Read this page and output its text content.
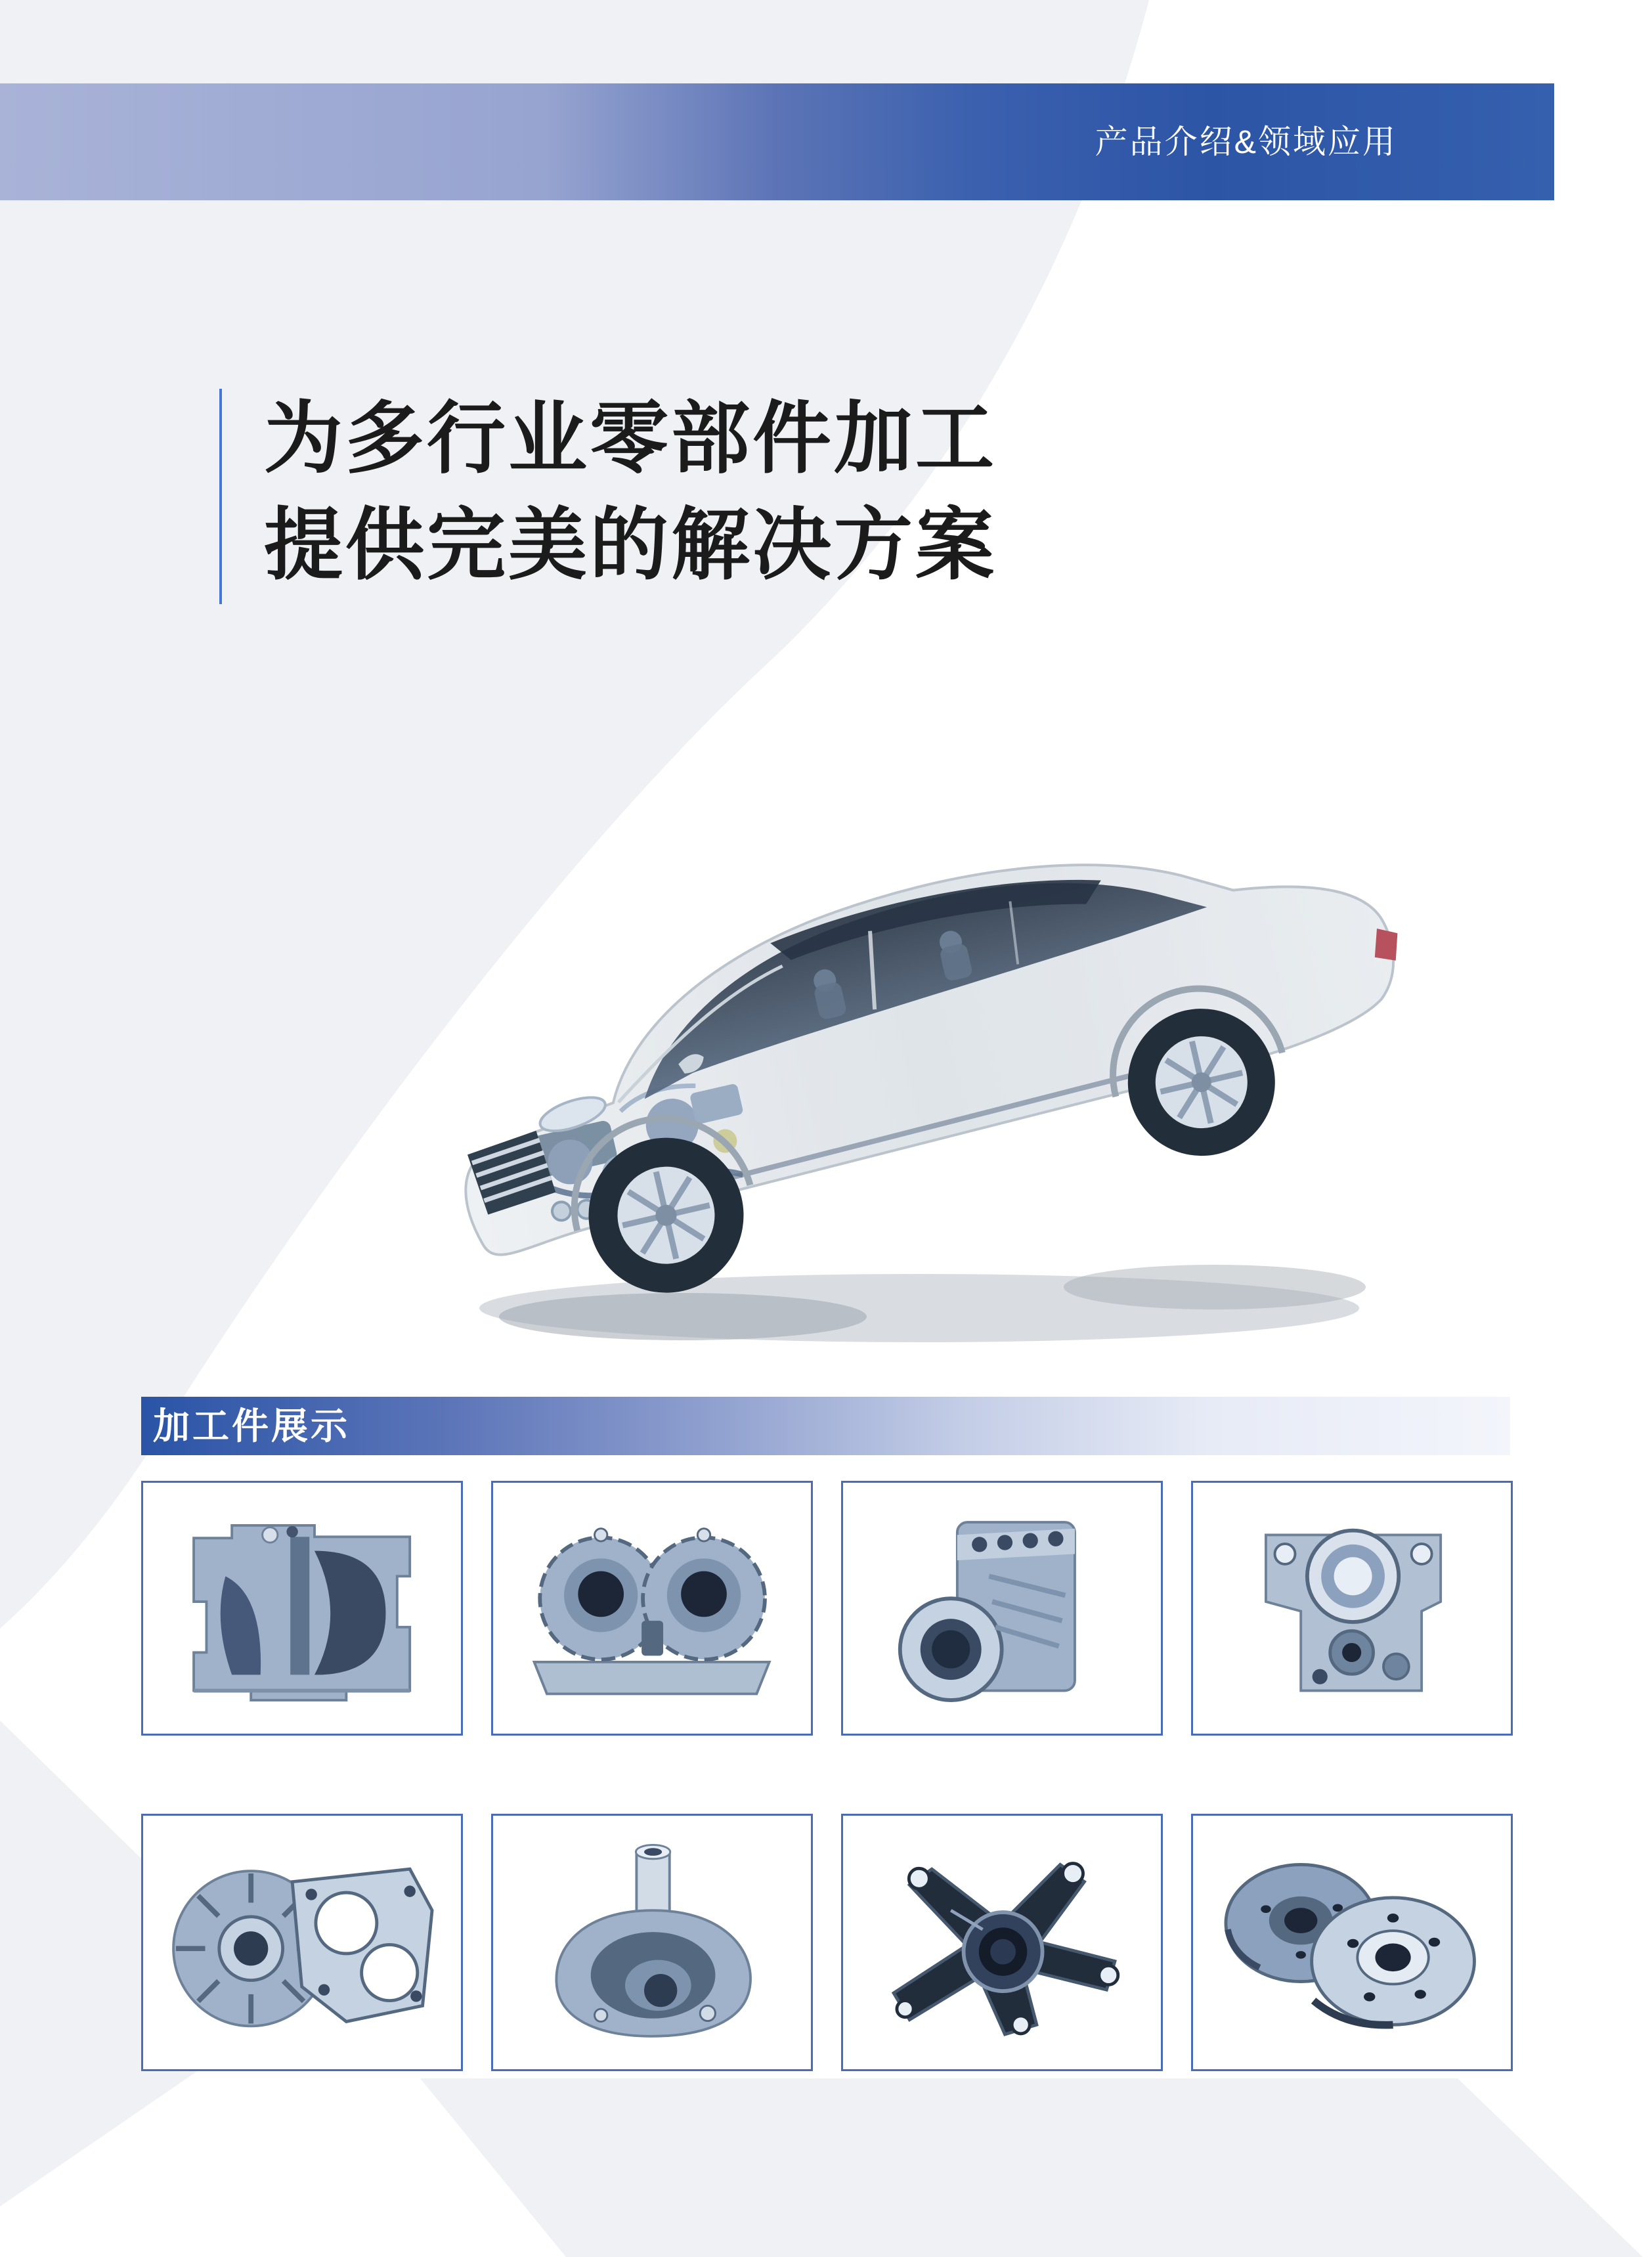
产品介绍&领域应用
为多行业零部件加工
提供完美的解决方案
加工件展示
